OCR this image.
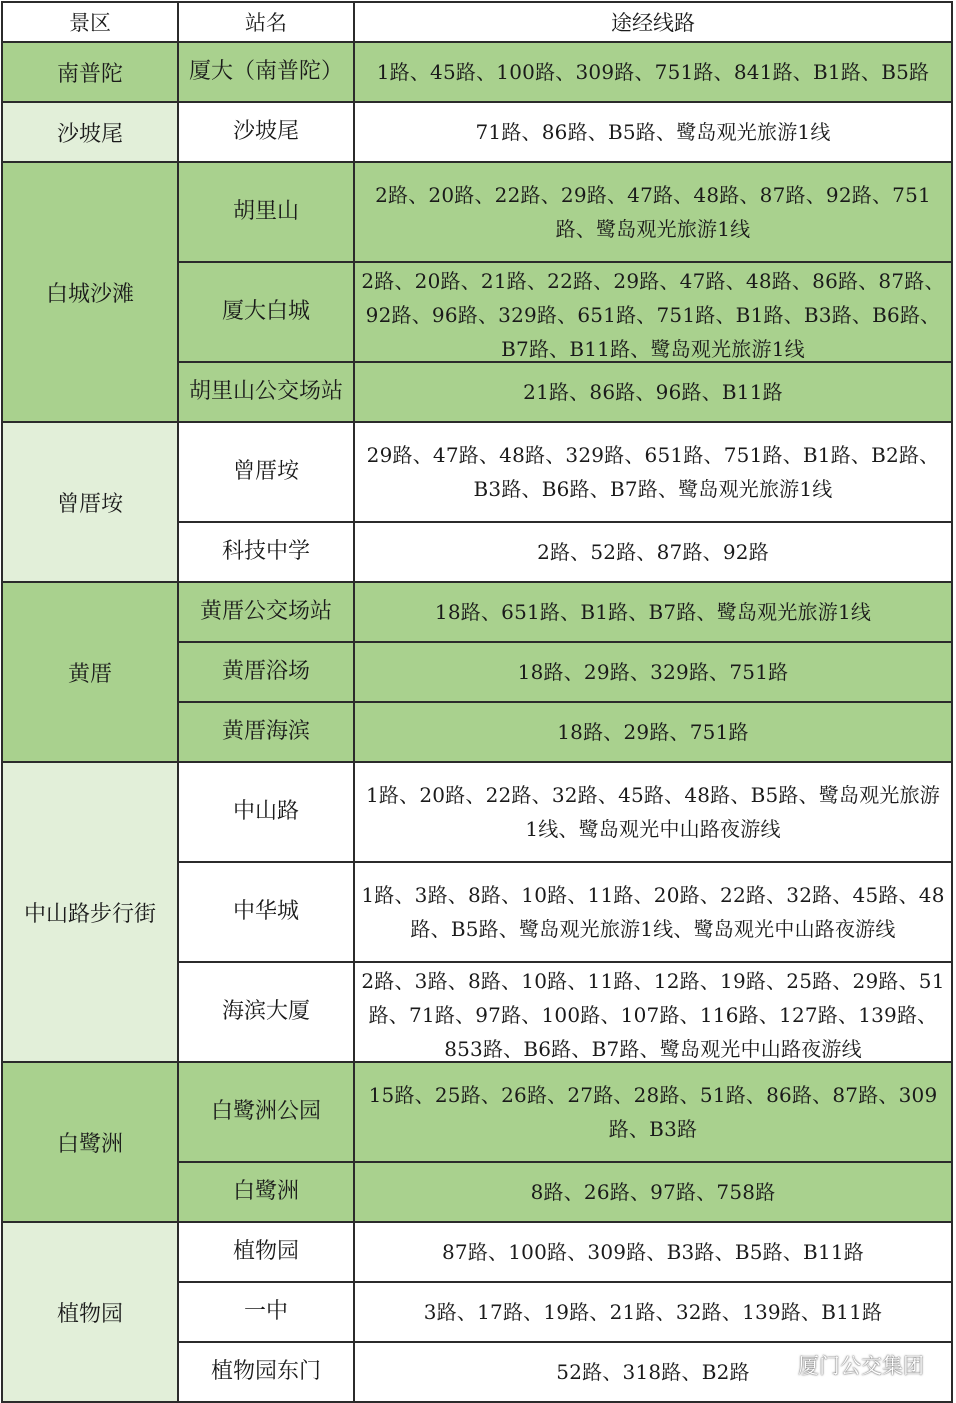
景区	站名	途经线路
南普陀	厦大（南普陀）	1路、45路、100路、309路、751路、841路、B1路、B5路

沙坡尾	沙坡尾	71路、86路、B5路、鹭岛观光旅游1线

白城沙滩	胡里山	2路、20路、22路、29路、47路、48路、87路、92路、751路、鹭岛观光旅游1线

	厦大白城	2路、20路、21路、22路、29路、47路、48路、86路、87路、92路、96路、329路、651路、751路、B1路、B3路、B6路、B7路、B11路、鹭岛观光旅游1线

	胡里山公交场站	21路、86路、96路、B11路

曾厝垵	曾厝垵	29路、47路、48路、329路、651路、751路、B1路、B2路、B3路、B6路、B7路、鹭岛观光旅游1线

	科技中学	2路、52路、87路、92路

黄厝	黄厝公交场站	18路、651路、B1路、B7路、鹭岛观光旅游1线

	黄厝浴场	18路、29路、329路、751路

	黄厝海滨	18路、29路、751路

中山路步行街	中山路	1路、20路、22路、32路、45路、48路、B5路、鹭岛观光旅游1线、鹭岛观光中山路夜游线

	中华城	1路、3路、8路、10路、11路、20路、22路、32路、45路、48路、B5路、鹭岛观光旅游1线、鹭岛观光中山路夜游线

	海滨大厦	2路、3路、8路、10路、11路、12路、19路、25路、29路、51路、71路、97路、100路、107路、116路、127路、139路、853路、B6路、B7路、鹭岛观光中山路夜游线

白鹭洲	白鹭洲公园	15路、25路、26路、27路、28路、51路、86路、87路、309路、B3路

	白鹭洲	8路、26路、97路、758路

植物园	植物园	87路、100路、309路、B3路、B5路、B11路

	一中	3路、17路、19路、21路、32路、139路、B11路

	植物园东门	52路、318路、B2路	厦门公交集团
